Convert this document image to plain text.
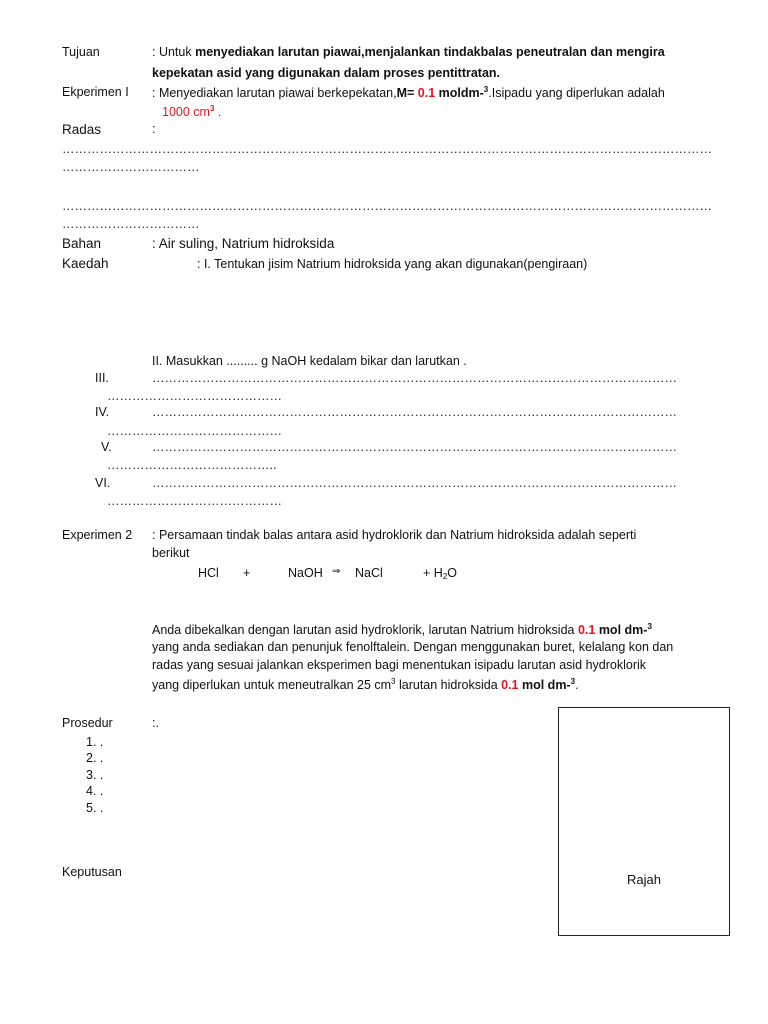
Tujuan	: Untuk menyediakan larutan piawai,menjalankan tindakbalas peneutralan dan mengira
kepekatan asid yang digunakan dalam proses pentittratan.
Ekperimen I : Menyediakan larutan piawai berkepekatan,M= 0.1 moldm-$^3$.Isipadu yang diperlukan adalah
1000 $cm^3$ .
Radas	:
…………………………………………………………………………………………………………………………………………
……………………………
…………………………………………………………………………………………………………………………………………
……………………………
Bahan	: Air suling, Natrium hidroksida
Kaedah	: I. Tentukan jisim Natrium hidroksida yang akan digunakan(pengiraan)
II. Masukkan ......... g NaOH kedalam bikar dan larutkan .
III.	………………………………………………………………………………………………………………
……………………………………
IV.	………………………………………………………………………………………………………………
……………………………………
V.	………………………………………………………………………………………………………………
…………………………………..
VI.	………………………………………………………………………………………………………………
……………………………………
Experimen 2 : Persamaan tindak balas antara asid hydroklorik dan Natrium hidroksida adalah seperti
berikut
HCl +	NaOH ⇒ NaCl	+ $H_2O$
Anda dibekalkan dengan larutan asid hydroklorik, larutan Natrium hidroksida 0.1 mol dm-$^3$
yang anda sediakan dan penunjuk fenolftalein. Dengan menggunakan buret, kelalang kon dan
radas yang sesuai jalankan eksperimen bagi menentukan isipadu larutan asid hydroklorik
yang diperlukan untuk meneutralkan 25 $cm^3$ larutan hidroksida 0.1 mol dm-$^3$.
Prosedur	:.
1. .
2. .
3. .
4. .
5. .
Keputusan	Rajah
